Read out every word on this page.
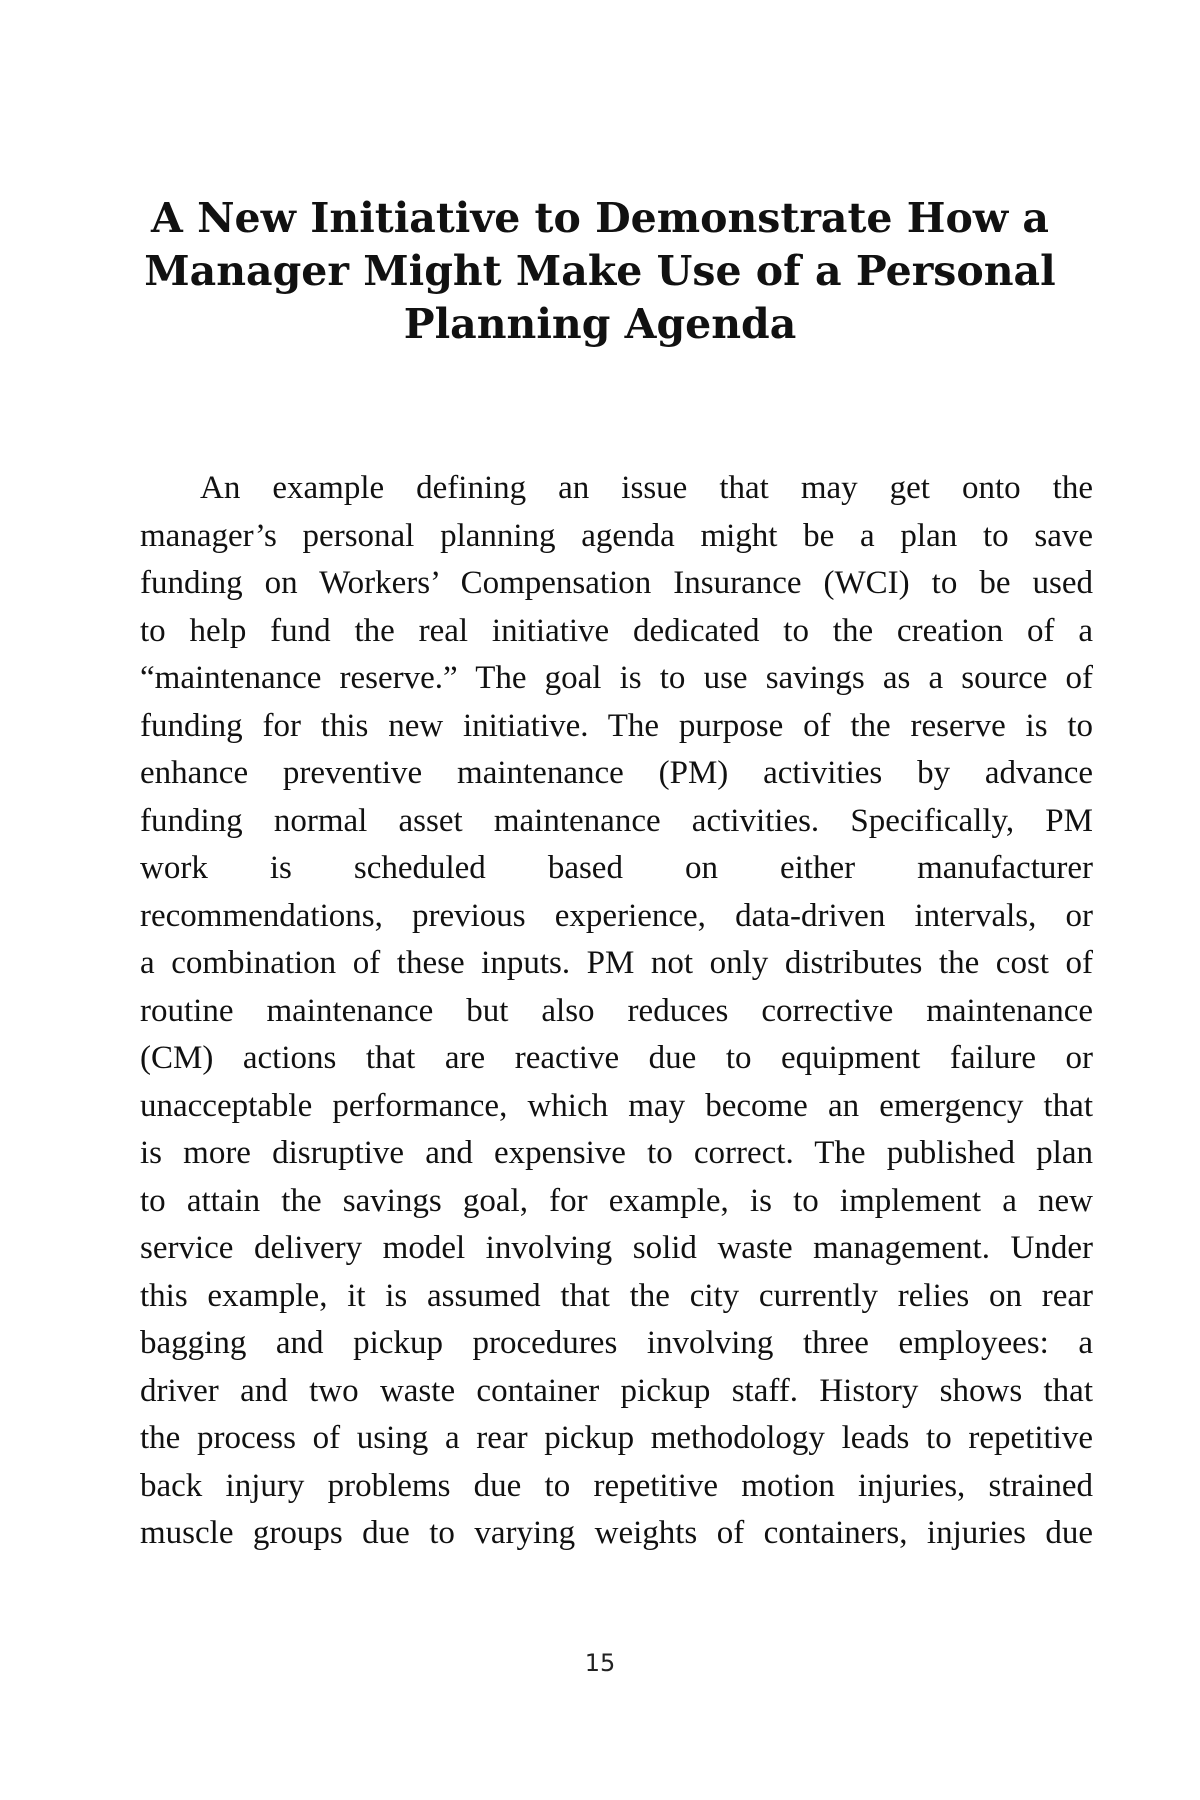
A New Initiative to Demonstrate How a
Manager Might Make Use of a Personal
Planning Agenda
An example defining an issue that may get onto the
manager’s personal planning agenda might be a plan to save
funding on Workers’ Compensation Insurance (WCI) to be used
to help fund the real initiative dedicated to the creation of a
“maintenance reserve.” The goal is to use savings as a source of
funding for this new initiative. The purpose of the reserve is to
enhance preventive maintenance (PM) activities by advance
funding normal asset maintenance activities. Specifically, PM
work is scheduled based on either manufacturer
recommendations, previous experience, data-driven intervals, or
a combination of these inputs. PM not only distributes the cost of
routine maintenance but also reduces corrective maintenance
(CM) actions that are reactive due to equipment failure or
unacceptable performance, which may become an emergency that
is more disruptive and expensive to correct. The published plan
to attain the savings goal, for example, is to implement a new
service delivery model involving solid waste management. Under
this example, it is assumed that the city currently relies on rear
bagging and pickup procedures involving three employees: a
driver and two waste container pickup staff. History shows that
the process of using a rear pickup methodology leads to repetitive
back injury problems due to repetitive motion injuries, strained
muscle groups due to varying weights of containers, injuries due
15
